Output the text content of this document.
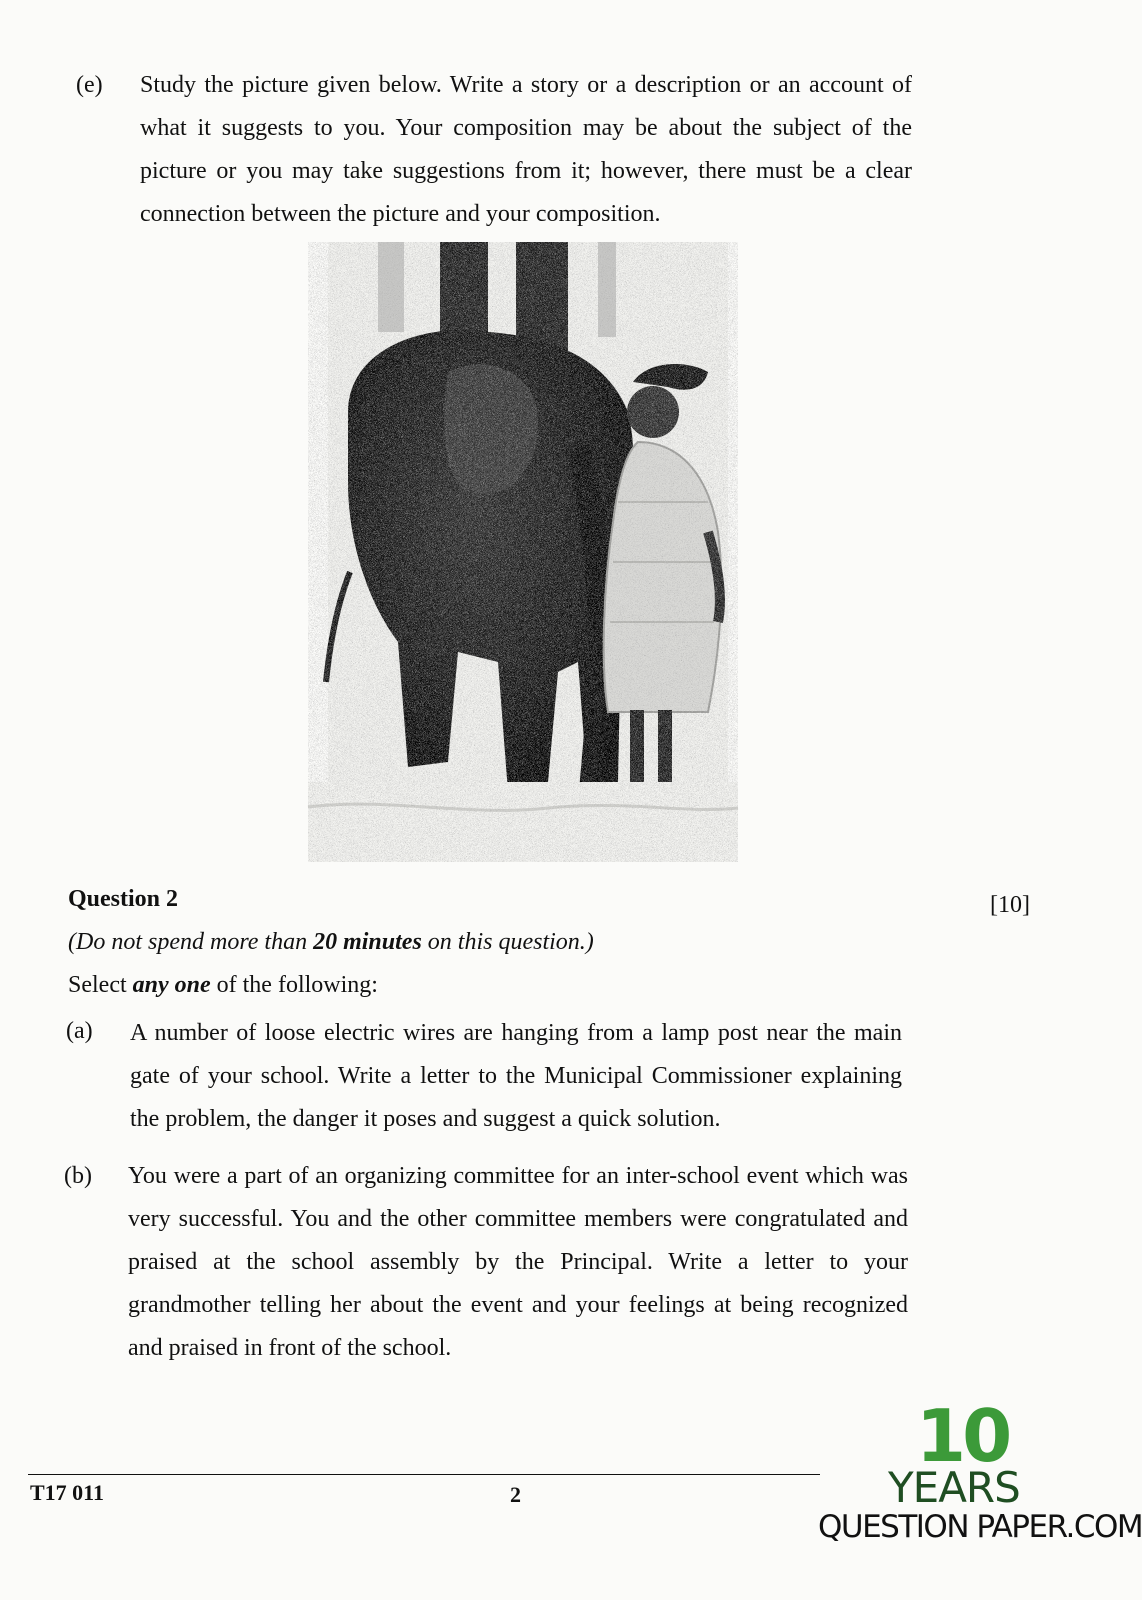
(e) Study the picture given below. Write a story or a description or an account of what it suggests to you. Your composition may be about the subject of the picture or you may take suggestions from it; however, there must be a clear connection between the picture and your composition.
Question 2	[10]
(Do not spend more than 20 minutes on this question.)
Select any one of the following:
(a) A number of loose electric wires are hanging from a lamp post near the main gate of your school. Write a letter to the Municipal Commissioner explaining the problem, the danger it poses and suggest a quick solution.
(b) You were a part of an organizing committee for an inter-school event which was very successful. You and the other committee members were congratulated and praised at the school assembly by the Principal. Write a letter to your grandmother telling her about the event and your feelings at being recognized and praised in front of the school.
T17 011	2
10
YEARS
QUESTION PAPER.COM
